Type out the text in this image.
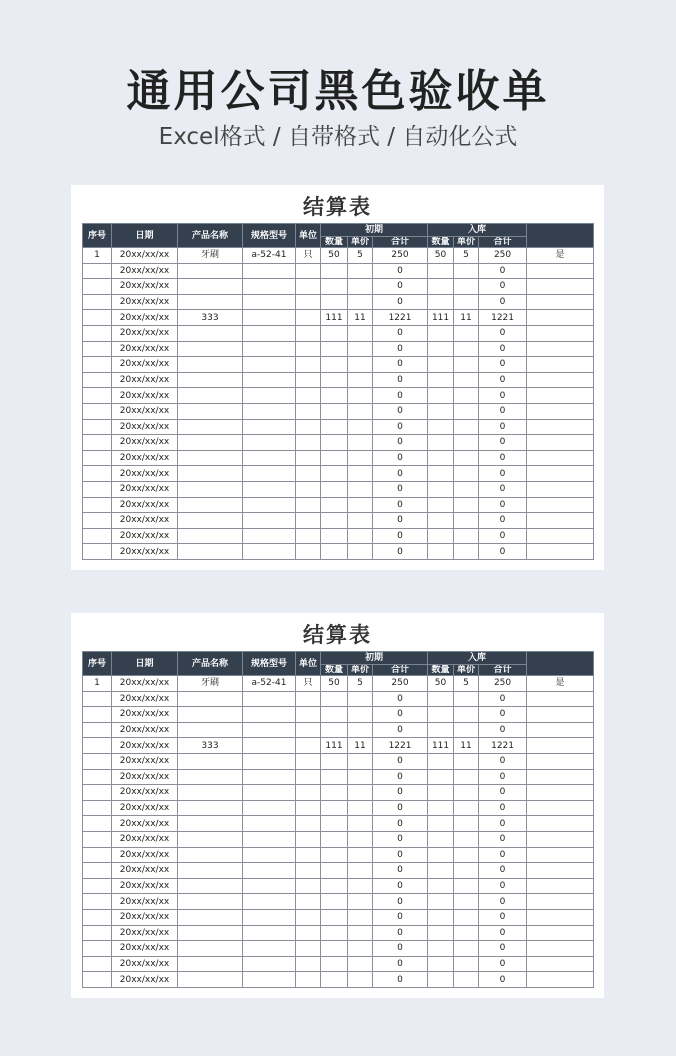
通用公司黑色验收单
Excel格式 / 自带格式 / 自动化公式
结算表
序号	日期	产品名称	规格型号	单位	初期			入库			
					数量	单价	合计	数量	单价	合计	
1	20xx/xx/xx	牙刷	a-52-41	只	50	5	250	50	5	250	是
	20xx/xx/xx						0			0	
	20xx/xx/xx						0			0	
	20xx/xx/xx						0			0	
	20xx/xx/xx	333			111	11	1221	111	11	1221	
	20xx/xx/xx						0			0	
	20xx/xx/xx						0			0	
	20xx/xx/xx						0			0	
	20xx/xx/xx						0			0	
	20xx/xx/xx						0			0	
	20xx/xx/xx						0			0	
	20xx/xx/xx						0			0	
	20xx/xx/xx						0			0	
	20xx/xx/xx						0			0	
	20xx/xx/xx						0			0	
	20xx/xx/xx						0			0	
	20xx/xx/xx						0			0	
	20xx/xx/xx						0			0	
	20xx/xx/xx						0			0	
	20xx/xx/xx						0			0	
结算表
序号	日期	产品名称	规格型号	单位	初期			入库			
					数量	单价	合计	数量	单价	合计	
1	20xx/xx/xx	牙刷	a-52-41	只	50	5	250	50	5	250	是
	20xx/xx/xx						0			0	
	20xx/xx/xx						0			0	
	20xx/xx/xx						0			0	
	20xx/xx/xx	333			111	11	1221	111	11	1221	
	20xx/xx/xx						0			0	
	20xx/xx/xx						0			0	
	20xx/xx/xx						0			0	
	20xx/xx/xx						0			0	
	20xx/xx/xx						0			0	
	20xx/xx/xx						0			0	
	20xx/xx/xx						0			0	
	20xx/xx/xx						0			0	
	20xx/xx/xx						0			0	
	20xx/xx/xx						0			0	
	20xx/xx/xx						0			0	
	20xx/xx/xx						0			0	
	20xx/xx/xx						0			0	
	20xx/xx/xx						0			0	
	20xx/xx/xx						0			0	
